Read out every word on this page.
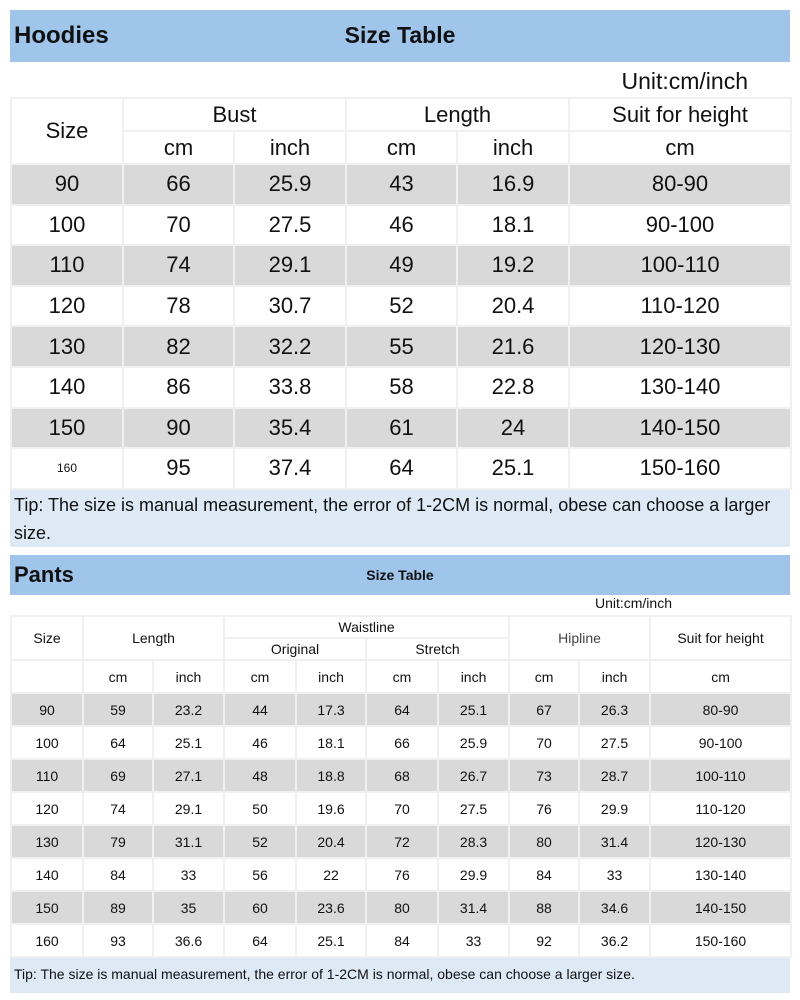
Hoodies	Size Table
Unit:cm/inch
Size	Bust		Length		Suit for height
	cm	inch	cm	inch	cm
90	66	25.9	43	16.9	80-90
100	70	27.5	46	18.1	90-100
110	74	29.1	49	19.2	100-110
120	78	30.7	52	20.4	110-120
130	82	32.2	55	21.6	120-130
140	86	33.8	58	22.8	130-140
150	90	35.4	61	24	140-150
160	95	37.4	64	25.1	150-160
Tip: The size is manual measurement, the error of 1-2CM is normal, obese can choose a larger size.
Pants	Size Table
Unit:cm/inch
Size	Length		Waistline				Hipline		Suit for height
			Original		Stretch				
	cm	inch	cm	inch	cm	inch	cm	inch	cm
90	59	23.2	44	17.3	64	25.1	67	26.3	80-90
100	64	25.1	46	18.1	66	25.9	70	27.5	90-100
110	69	27.1	48	18.8	68	26.7	73	28.7	100-110
120	74	29.1	50	19.6	70	27.5	76	29.9	110-120
130	79	31.1	52	20.4	72	28.3	80	31.4	120-130
140	84	33	56	22	76	29.9	84	33	130-140
150	89	35	60	23.6	80	31.4	88	34.6	140-150
160	93	36.6	64	25.1	84	33	92	36.2	150-160
Tip: The size is manual measurement, the error of 1-2CM is normal, obese can choose a larger size.
